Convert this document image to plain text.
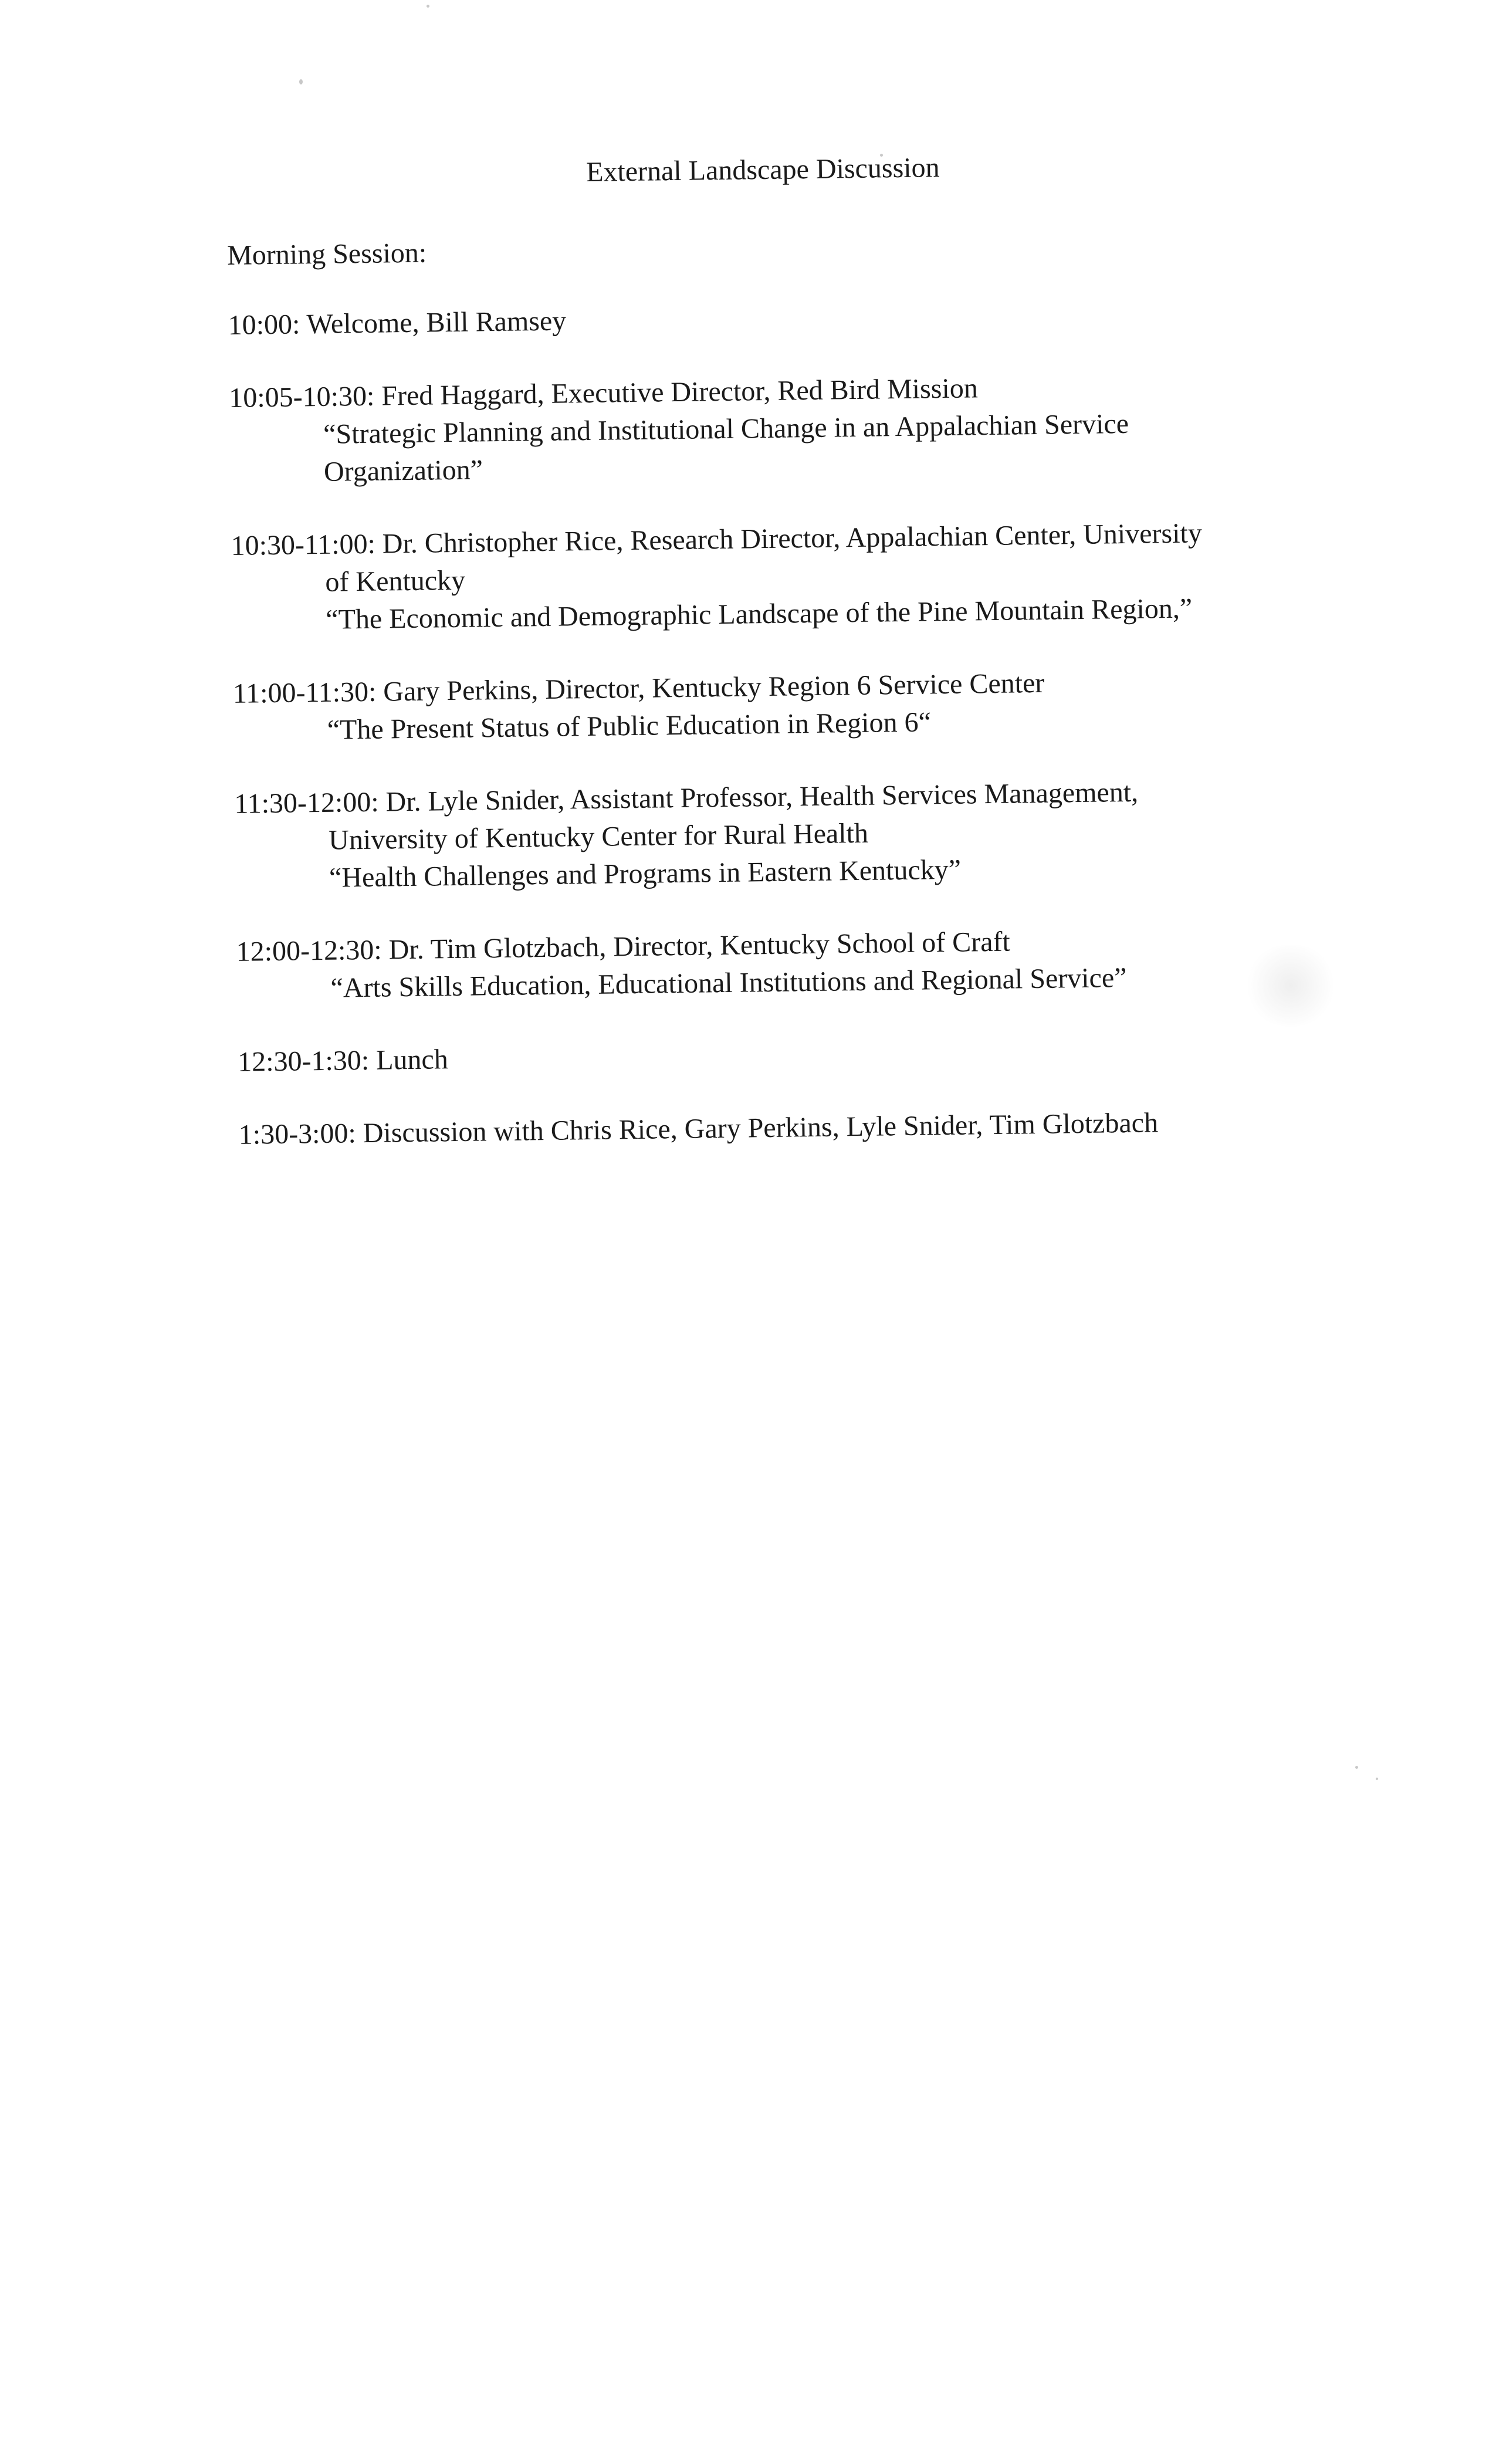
External Landscape Discussion
Morning Session:
10:00: Welcome, Bill Ramsey
10:05-10:30: Fred Haggard, Executive Director, Red Bird Mission
“Strategic Planning and Institutional Change in an Appalachian Service
Organization”
10:30-11:00: Dr. Christopher Rice, Research Director, Appalachian Center, University
of Kentucky
“The Economic and Demographic Landscape of the Pine Mountain Region,”
11:00-11:30: Gary Perkins, Director, Kentucky Region 6 Service Center
“The Present Status of Public Education in Region 6“
11:30-12:00: Dr. Lyle Snider, Assistant Professor, Health Services Management,
University of Kentucky Center for Rural Health
“Health Challenges and Programs in Eastern Kentucky”
12:00-12:30: Dr. Tim Glotzbach, Director, Kentucky School of Craft
“Arts Skills Education, Educational Institutions and Regional Service”
12:30-1:30: Lunch
1:30-3:00: Discussion with Chris Rice, Gary Perkins, Lyle Snider, Tim Glotzbach
